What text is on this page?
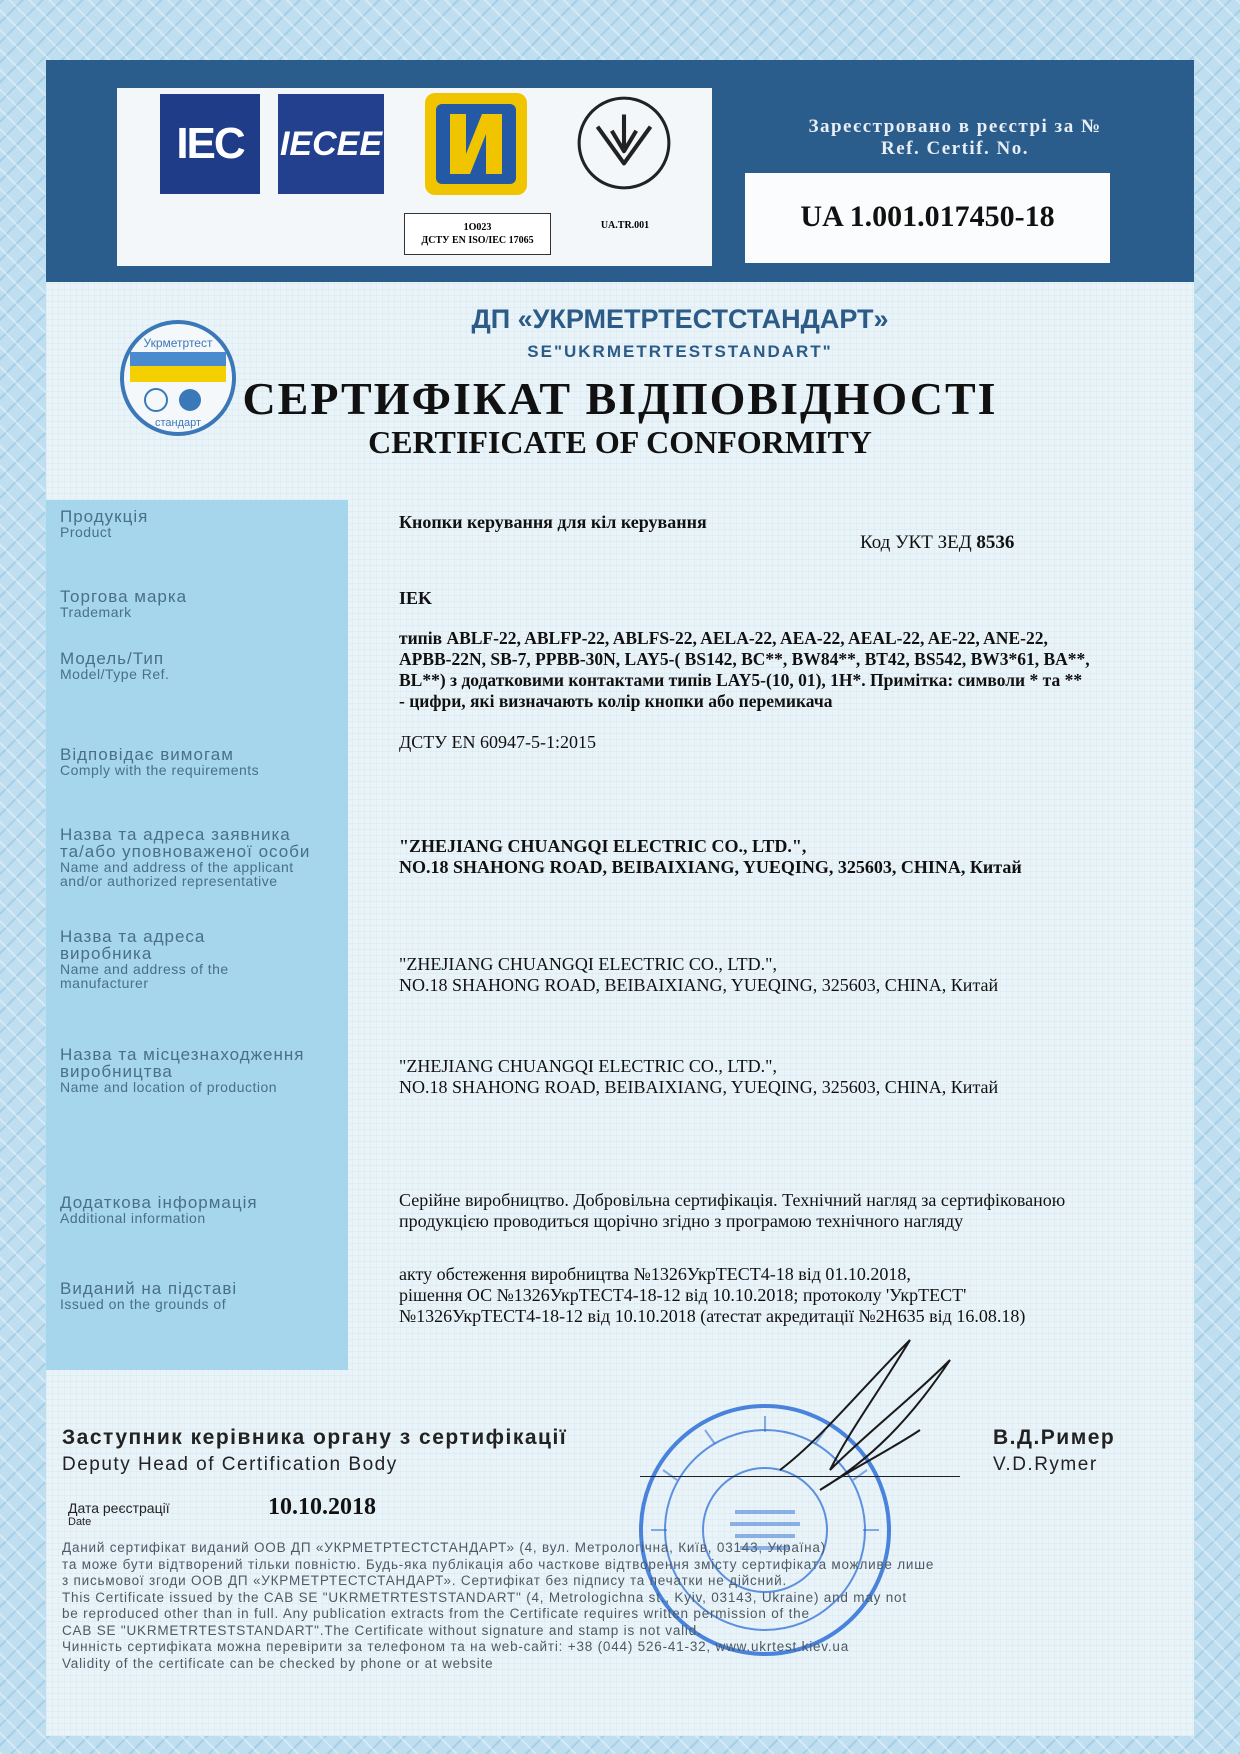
IEC	IECEE
1О023
ДСТУ EN ISO/IEC 17065
UA.TR.001
Зареєстровано в реєстрі за №
Ref. Certif. No.
UA 1.001.017450-18
Укрметртест
стандарт
ДП «УКРМЕТРТЕСТСТАНДАРТ»
SE"UKRMETRTESTSTANDART"
СЕРТИФІКАТ ВІДПОВІДНОСТІ
CERTIFICATE OF CONFORMITY
Продукція
Product	Кнопки керування для кіл керування
Код УКТ ЗЕД 8536
Торгова марка
Trademark
IEK
Модель/Тип
Model/Type Ref.
типів ABLF-22, ABLFP-22, ABLFS-22, AELA-22, AEA-22, AEAL-22, AE-22, ANE-22,
APBB-22N, SB-7, PPBB-30N, LAY5-( BS142, BC**, BW84**, BT42, BS542, BW3*61, BA**,
BL**) з додатковими контактами типів LAY5-(10, 01), 1H*. Примітка: символи * та **
- цифри, які визначають колір кнопки або перемикача
Відповідає вимогам
Comply with the requirements
ДСТУ EN 60947-5-1:2015
Назва та адреса заявника
та/або уповноваженої особи
Name and address of the applicant
and/or authorized representative
"ZHEJIANG CHUANGQI ELECTRIC CO., LTD.",
NO.18 SHAHONG ROAD, BEIBAIXIANG, YUEQING, 325603, CHINA, Китай
Назва та адреса
виробника
Name and address of the
manufacturer
"ZHEJIANG CHUANGQI ELECTRIC CO., LTD.",
NO.18 SHAHONG ROAD, BEIBAIXIANG, YUEQING, 325603, CHINA, Китай
Назва та місцезнаходження
виробництва
Name and location of production
"ZHEJIANG CHUANGQI ELECTRIC CO., LTD.",
NO.18 SHAHONG ROAD, BEIBAIXIANG, YUEQING, 325603, CHINA, Китай
Додаткова інформація
Additional information
Серійне виробництво. Добровільна сертифікація. Технічний нагляд за сертифікованою
продукцією проводиться щорічно згідно з програмою технічного нагляду
Виданий на підставі
Issued on the grounds of
акту обстеження виробництва №1326УкрТЕСТ4-18 від 01.10.2018,
рішення ОС №1326УкрТЕСТ4-18-12 від 10.10.2018; протоколу 'УкрТЕСТ'
№1326УкрТЕСТ4-18-12 від 10.10.2018 (атестат акредитації №2Н635 від 16.08.18)
Заступник керівника органу з сертифікації
Deputy Head of Certification Body
В.Д.Ример
V.D.Rymer
Дата реєстрації
Date
10.10.2018
Даний сертифікат виданий ООВ ДП «УКРМЕТРТЕСТСТАНДАРТ» (4, вул. Метрологічна, Київ, 03143, Україна)
та може бути відтворений тільки повністю. Будь-яка публікація або часткове відтворення змісту сертифіката можливе лише
з письмової згоди ООВ ДП «УКРМЕТРТЕСТСТАНДАРТ». Сертифікат без підпису та печатки не дійсний.
This Certificate issued by the CAB SE "UKRMETRTESTSTANDART" (4, Metrologichna st., Kyiv, 03143, Ukraine) and may not
be reproduced other than in full. Any publication extracts from the Certificate requires written permission of the
CAB SE "UKRMETRTESTSTANDART".The Certificate without signature and stamp is not valid.
Чинність сертифіката можна перевірити за телефоном та на web-сайті: +38 (044) 526-41-32, www.ukrtest.kiev.ua
Validity of the certificate can be checked by phone or at website
